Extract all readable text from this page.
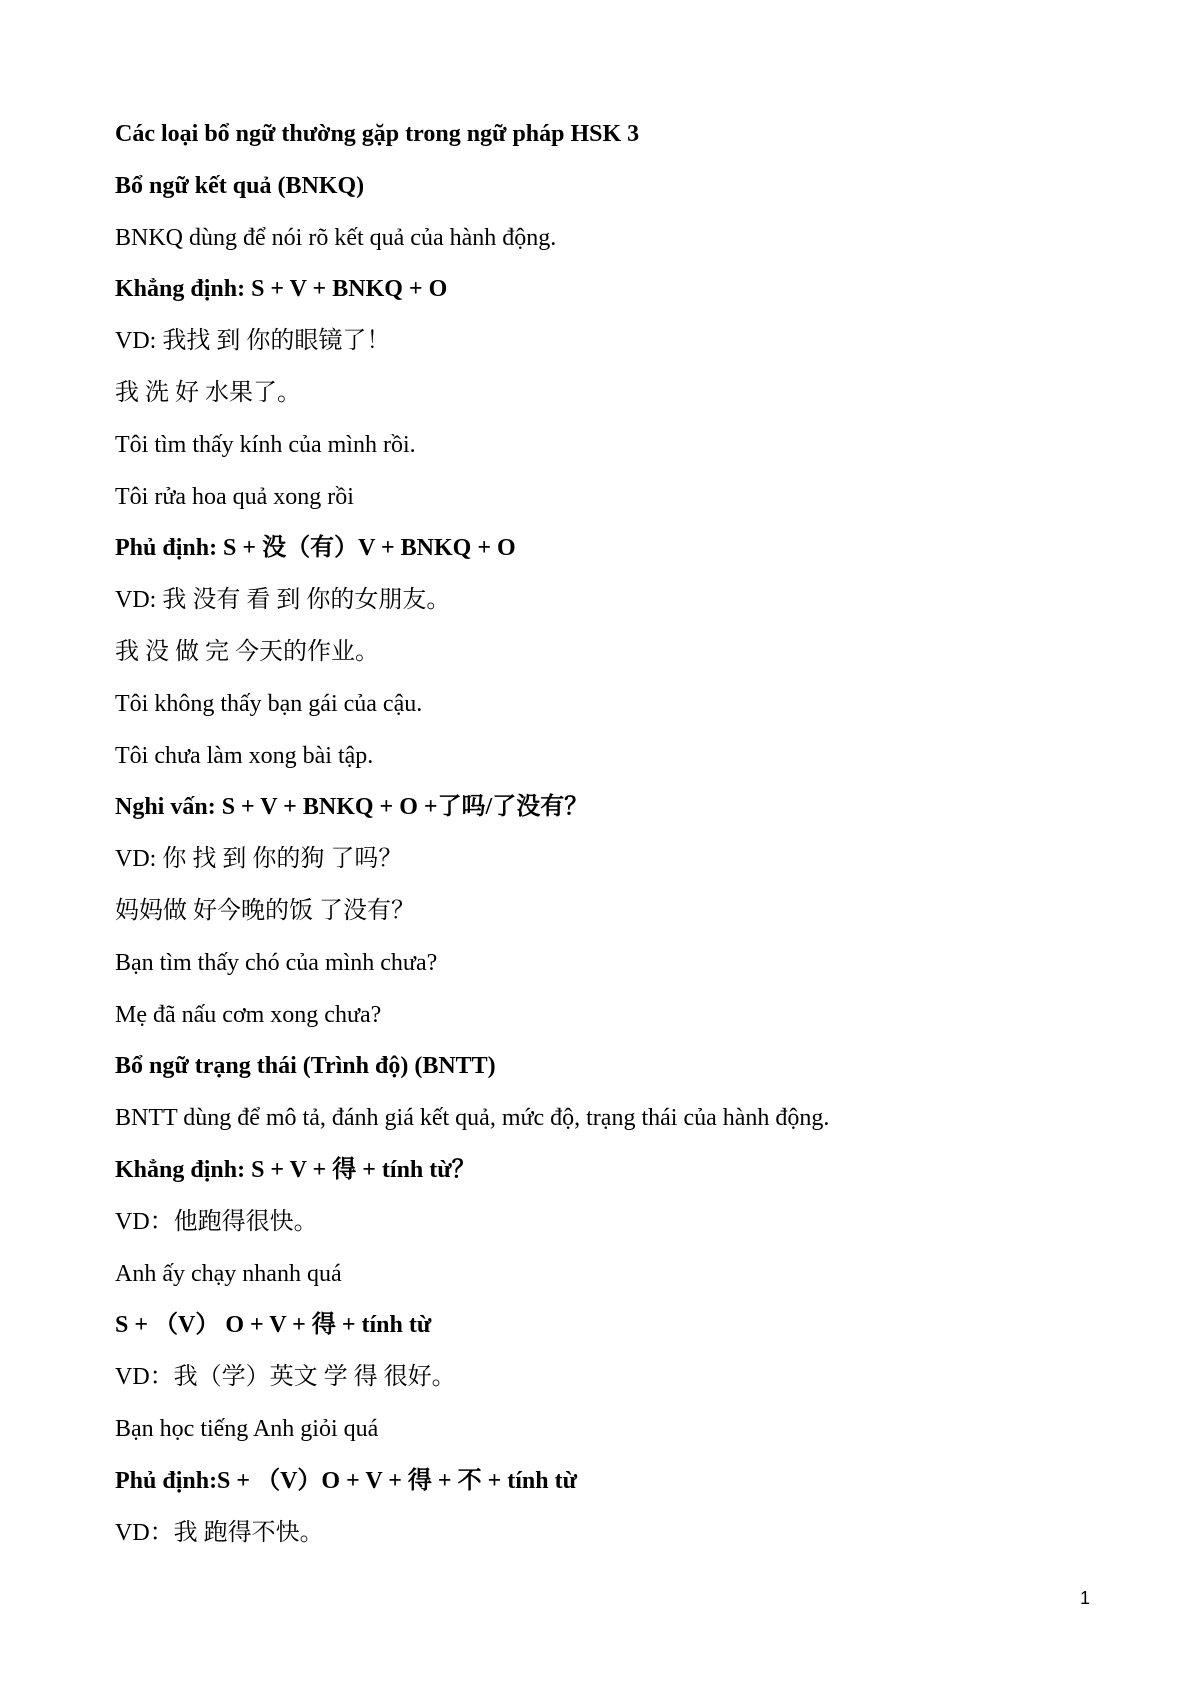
Các loại bổ ngữ thường gặp trong ngữ pháp HSK 3
Bổ ngữ kết quả (BNKQ)
BNKQ dùng để nói rõ kết quả của hành động.
Khẳng định: S + V + BNKQ + O
VD: 我找 到 你的眼镜了！
我 洗 好 水果了。
Tôi tìm thấy kính của mình rồi.
Tôi rửa hoa quả xong rồi
Phủ định: S + 没（有）V + BNKQ + O
VD: 我 没有 看 到 你的女朋友。
我 没 做 完 今天的作业。
Tôi không thấy bạn gái của cậu.
Tôi chưa làm xong bài tập.
Nghi vấn: S + V + BNKQ + O +了吗/了没有？
VD: 你 找 到 你的狗 了吗？
妈妈做 好今晚的饭 了没有？
Bạn tìm thấy chó của mình chưa?
Mẹ đã nấu cơm xong chưa?
Bổ ngữ trạng thái (Trình độ) (BNTT)
BNTT dùng để mô tả, đánh giá kết quả, mức độ, trạng thái của hành động.
Khẳng định: S + V + 得 + tính từ？
VD：他跑得很快。
Anh ấy chạy nhanh quá
S + （V） O + V + 得 + tính từ
VD：我（学）英文 学 得 很好。
Bạn học tiếng Anh giỏi quá
Phủ định:S + （V）O + V + 得 + 不 + tính từ
VD：我 跑得不快。
1
